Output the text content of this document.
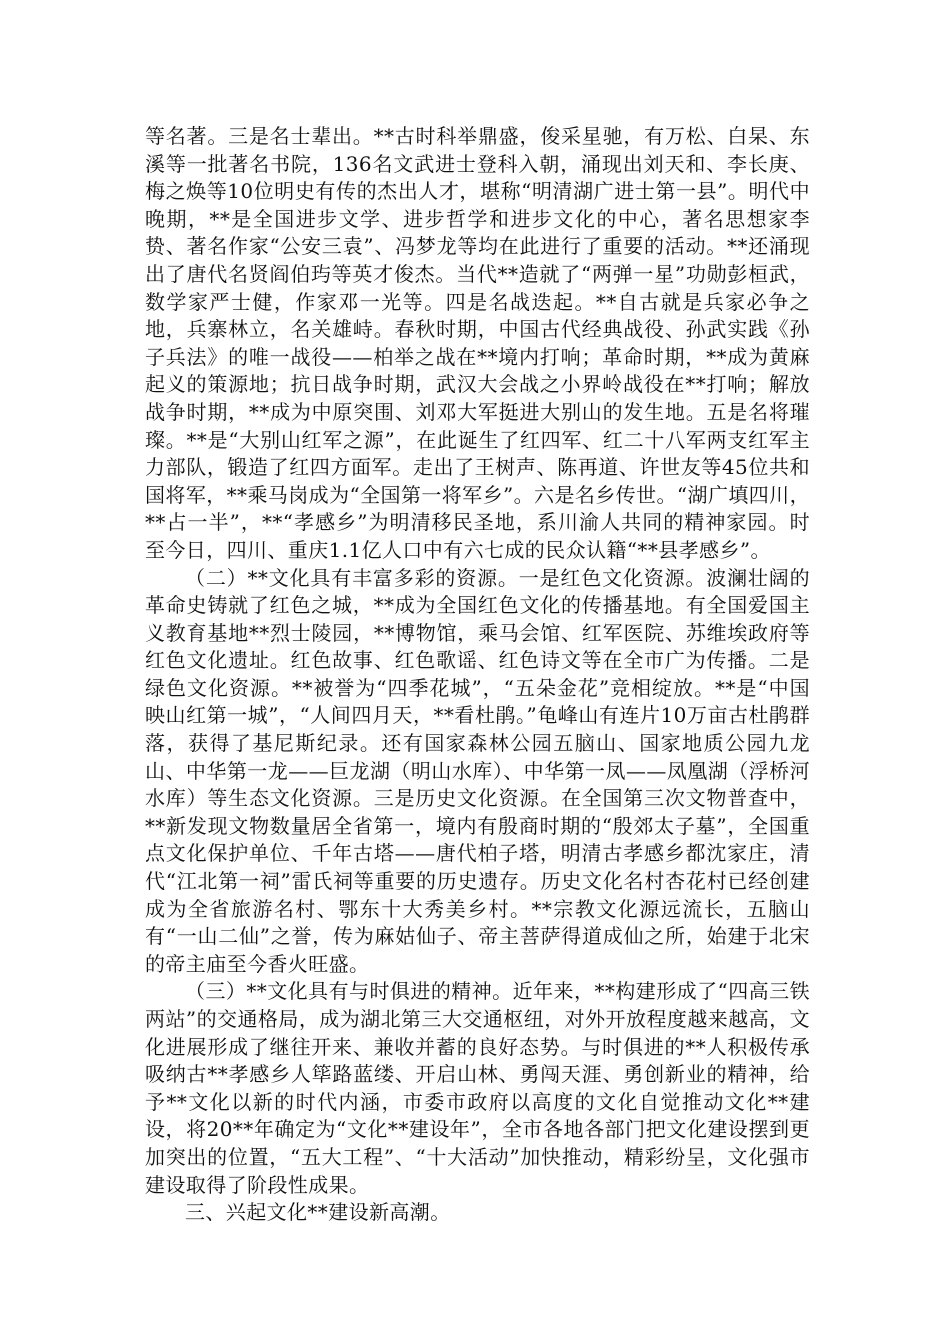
等名著。三是名士辈出。**古时科举鼎盛，俊采星驰，有万松、白杲、东溪等一批著名书院，136名文武进士登科入朝，涌现出刘天和、李长庚、梅之焕等10位明史有传的杰出人才，堪称“明清湖广进士第一县”。明代中晚期，**是全国进步文学、进步哲学和进步文化的中心，著名思想家李贽、著名作家“公安三袁”、冯梦龙等均在此进行了重要的活动。**还涌现出了唐代名贤阎伯玙等英才俊杰。当代**造就了“两弹一星”功勋彭桓武，数学家严士健，作家邓一光等。四是名战迭起。**自古就是兵家必争之地，兵寨林立，名关雄峙。春秋时期，中国古代经典战役、孙武实践《孙子兵法》的唯一战役——柏举之战在**境内打响；革命时期，**成为黄麻起义的策源地；抗日战争时期，武汉大会战之小界岭战役在**打响；解放战争时期，**成为中原突围、刘邓大军挺进大别山的发生地。五是名将璀璨。**是“大别山红军之源”，在此诞生了红四军、红二十八军两支红军主力部队，锻造了红四方面军。走出了王树声、陈再道、许世友等45位共和国将军，**乘马岗成为“全国第一将军乡”。六是名乡传世。“湖广填四川，**占一半”，**“孝感乡”为明清移民圣地，系川渝人共同的精神家园。时至今日，四川、重庆1.1亿人口中有六七成的民众认籍“**县孝感乡”。

（二）**文化具有丰富多彩的资源。一是红色文化资源。波澜壮阔的革命史铸就了红色之城，**成为全国红色文化的传播基地。有全国爱国主义教育基地**烈士陵园，**博物馆，乘马会馆、红军医院、苏维埃政府等红色文化遗址。红色故事、红色歌谣、红色诗文等在全市广为传播。二是绿色文化资源。**被誉为“四季花城”，“五朵金花”竞相绽放。**是“中国映山红第一城”，“人间四月天，**看杜鹃。”龟峰山有连片10万亩古杜鹃群落，获得了基尼斯纪录。还有国家森林公园五脑山、国家地质公园九龙山、中华第一龙——巨龙湖（明山水库）、中华第一凤——凤凰湖（浮桥河水库）等生态文化资源。三是历史文化资源。在全国第三次文物普查中，**新发现文物数量居全省第一，境内有殷商时期的“殷郊太子墓”，全国重点文化保护单位、千年古塔——唐代柏子塔，明清古孝感乡都沈家庄，清代“江北第一祠”雷氏祠等重要的历史遗存。历史文化名村杏花村已经创建成为全省旅游名村、鄂东十大秀美乡村。**宗教文化源远流长，五脑山有“一山二仙”之誉，传为麻姑仙子、帝主菩萨得道成仙之所，始建于北宋的帝主庙至今香火旺盛。

（三）**文化具有与时俱进的精神。近年来，**构建形成了“四高三铁两站”的交通格局，成为湖北第三大交通枢纽，对外开放程度越来越高，文化进展形成了继往开来、兼收并蓄的良好态势。与时俱进的**人积极传承吸纳古**孝感乡人筚路蓝缕、开启山林、勇闯天涯、勇创新业的精神，给予**文化以新的时代内涵，市委市政府以高度的文化自觉推动文化**建设，将20**年确定为“文化**建设年”，全市各地各部门把文化建设摆到更加突出的位置，“五大工程”、“十大活动”加快推动，精彩纷呈，文化强市建设取得了阶段性成果。

三、兴起文化**建设新高潮。
